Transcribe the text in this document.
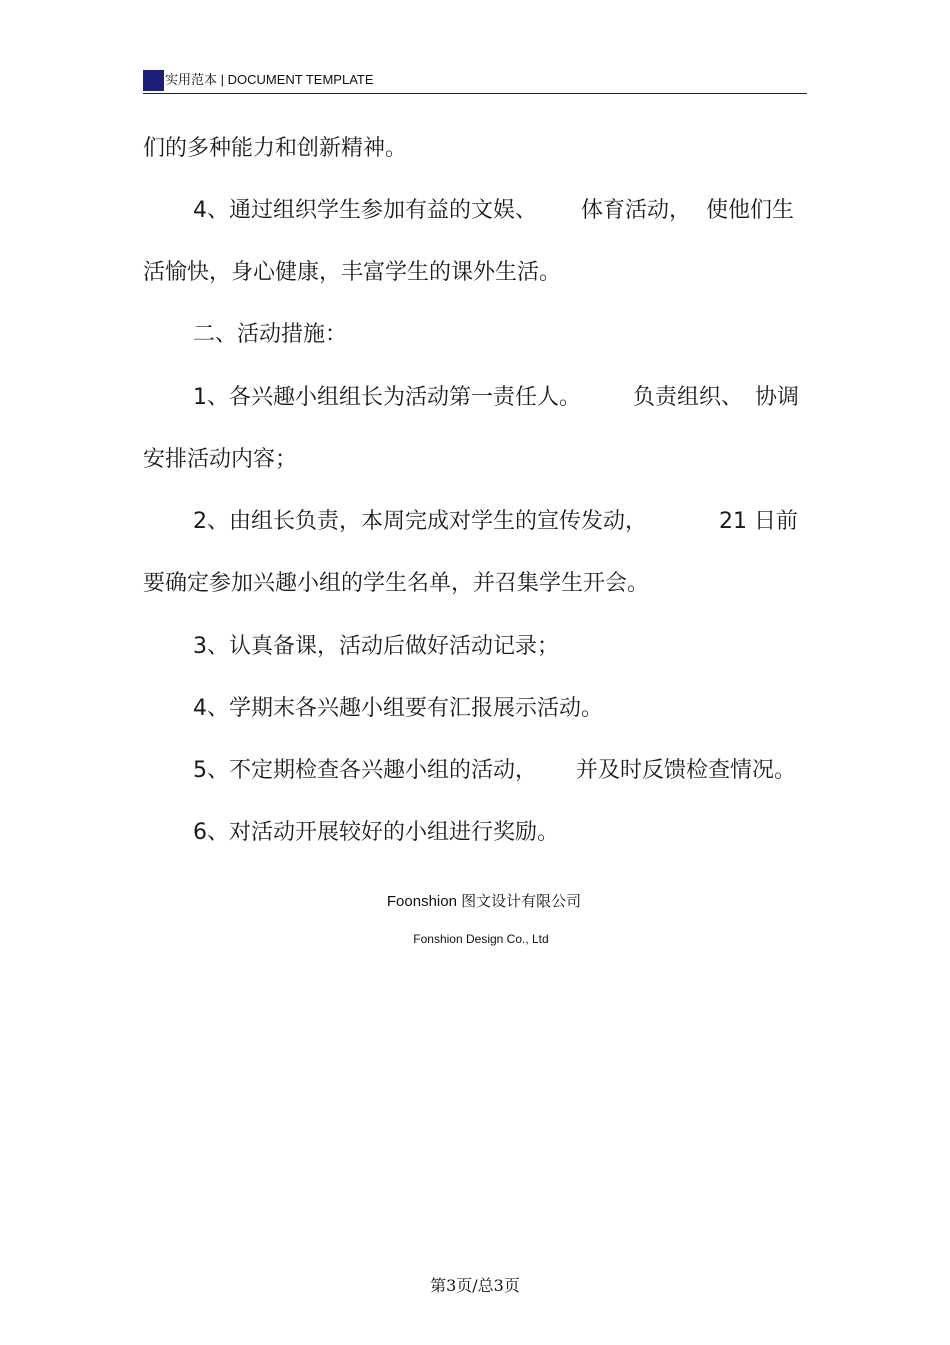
实用范本 | DOCUMENT TEMPLATE
们的多种能力和创新精神。
4、通过组织学生参加有益的文娱、 体育活动， 使他们生
活愉快，身心健康，丰富学生的课外生活。
二、活动措施：
1、各兴趣小组组长为活动第一责任人。 负责组织、 协调
安排活动内容；
2、由组长负责，本周完成对学生的宣传发动，	21 日前
要确定参加兴趣小组的学生名单，并召集学生开会。
3、认真备课，活动后做好活动记录；
4、学期末各兴趣小组要有汇报展示活动。
5、不定期检查各兴趣小组的活动， 并及时反馈检查情况。
6、对活动开展较好的小组进行奖励。
Foonshion 图文设计有限公司
Fonshion Design Co., Ltd
第3页/总3页
